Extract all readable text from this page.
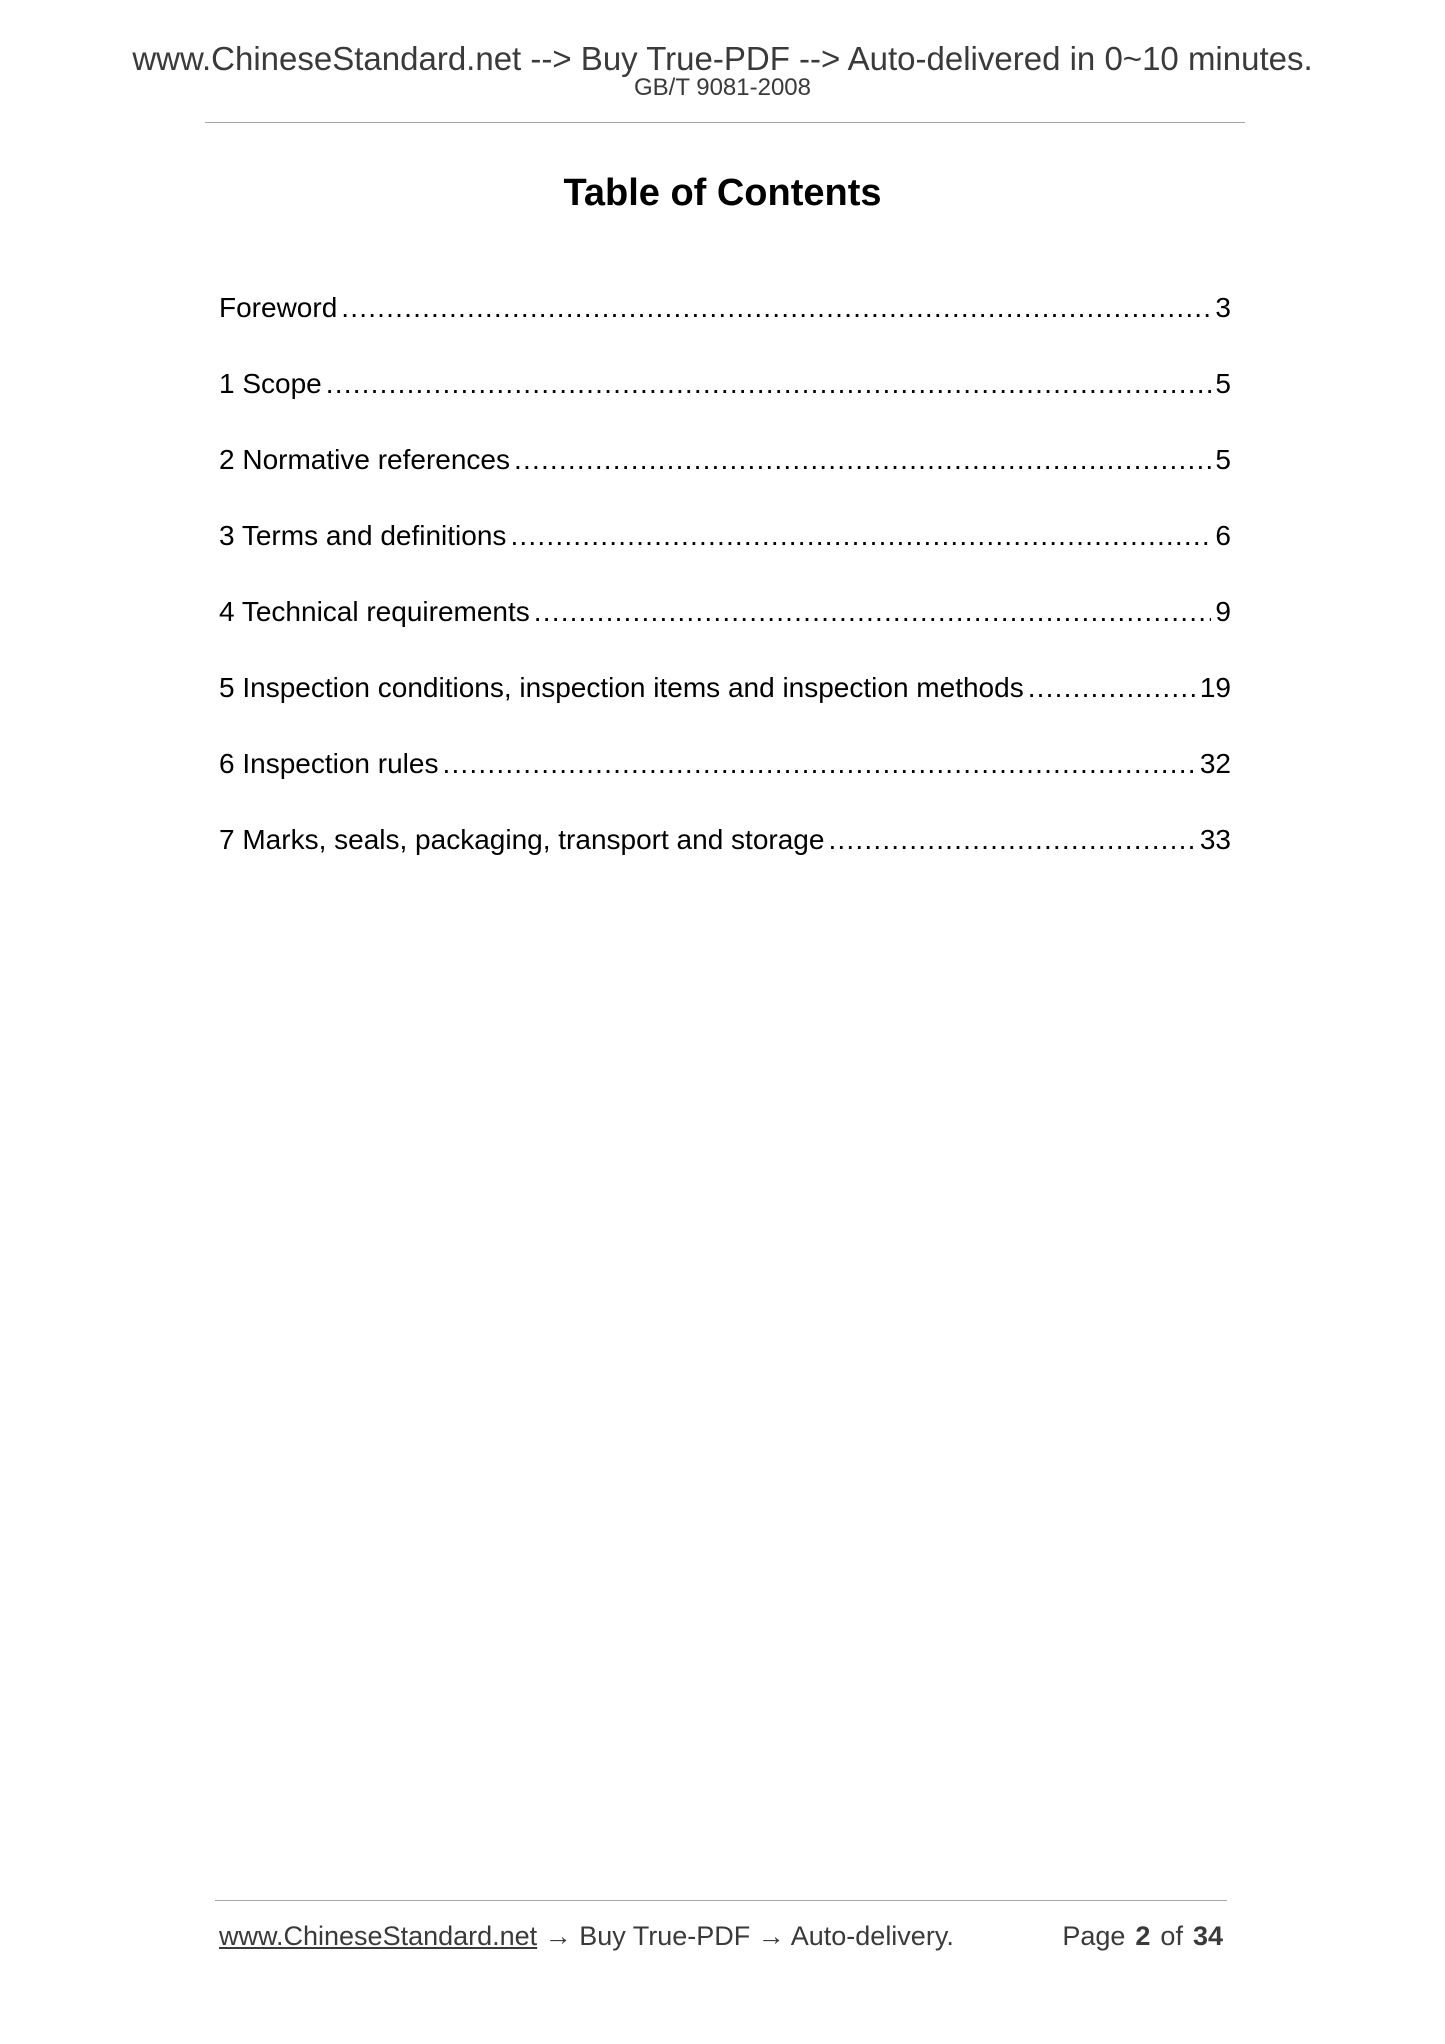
www.ChineseStandard.net --> Buy True-PDF --> Auto-delivered in 0~10 minutes.
GB/T 9081-2008
Table of Contents
Foreword .....	3
1 Scope .....	5
2 Normative references .....	5
3 Terms and definitions .....	6
4 Technical requirements .....	9
5 Inspection conditions, inspection items and inspection methods .....	19
6 Inspection rules .....	32
7 Marks, seals, packaging, transport and storage .....	33
www.ChineseStandard.net → Buy True-PDF → Auto-delivery.	Page 2 of 34
